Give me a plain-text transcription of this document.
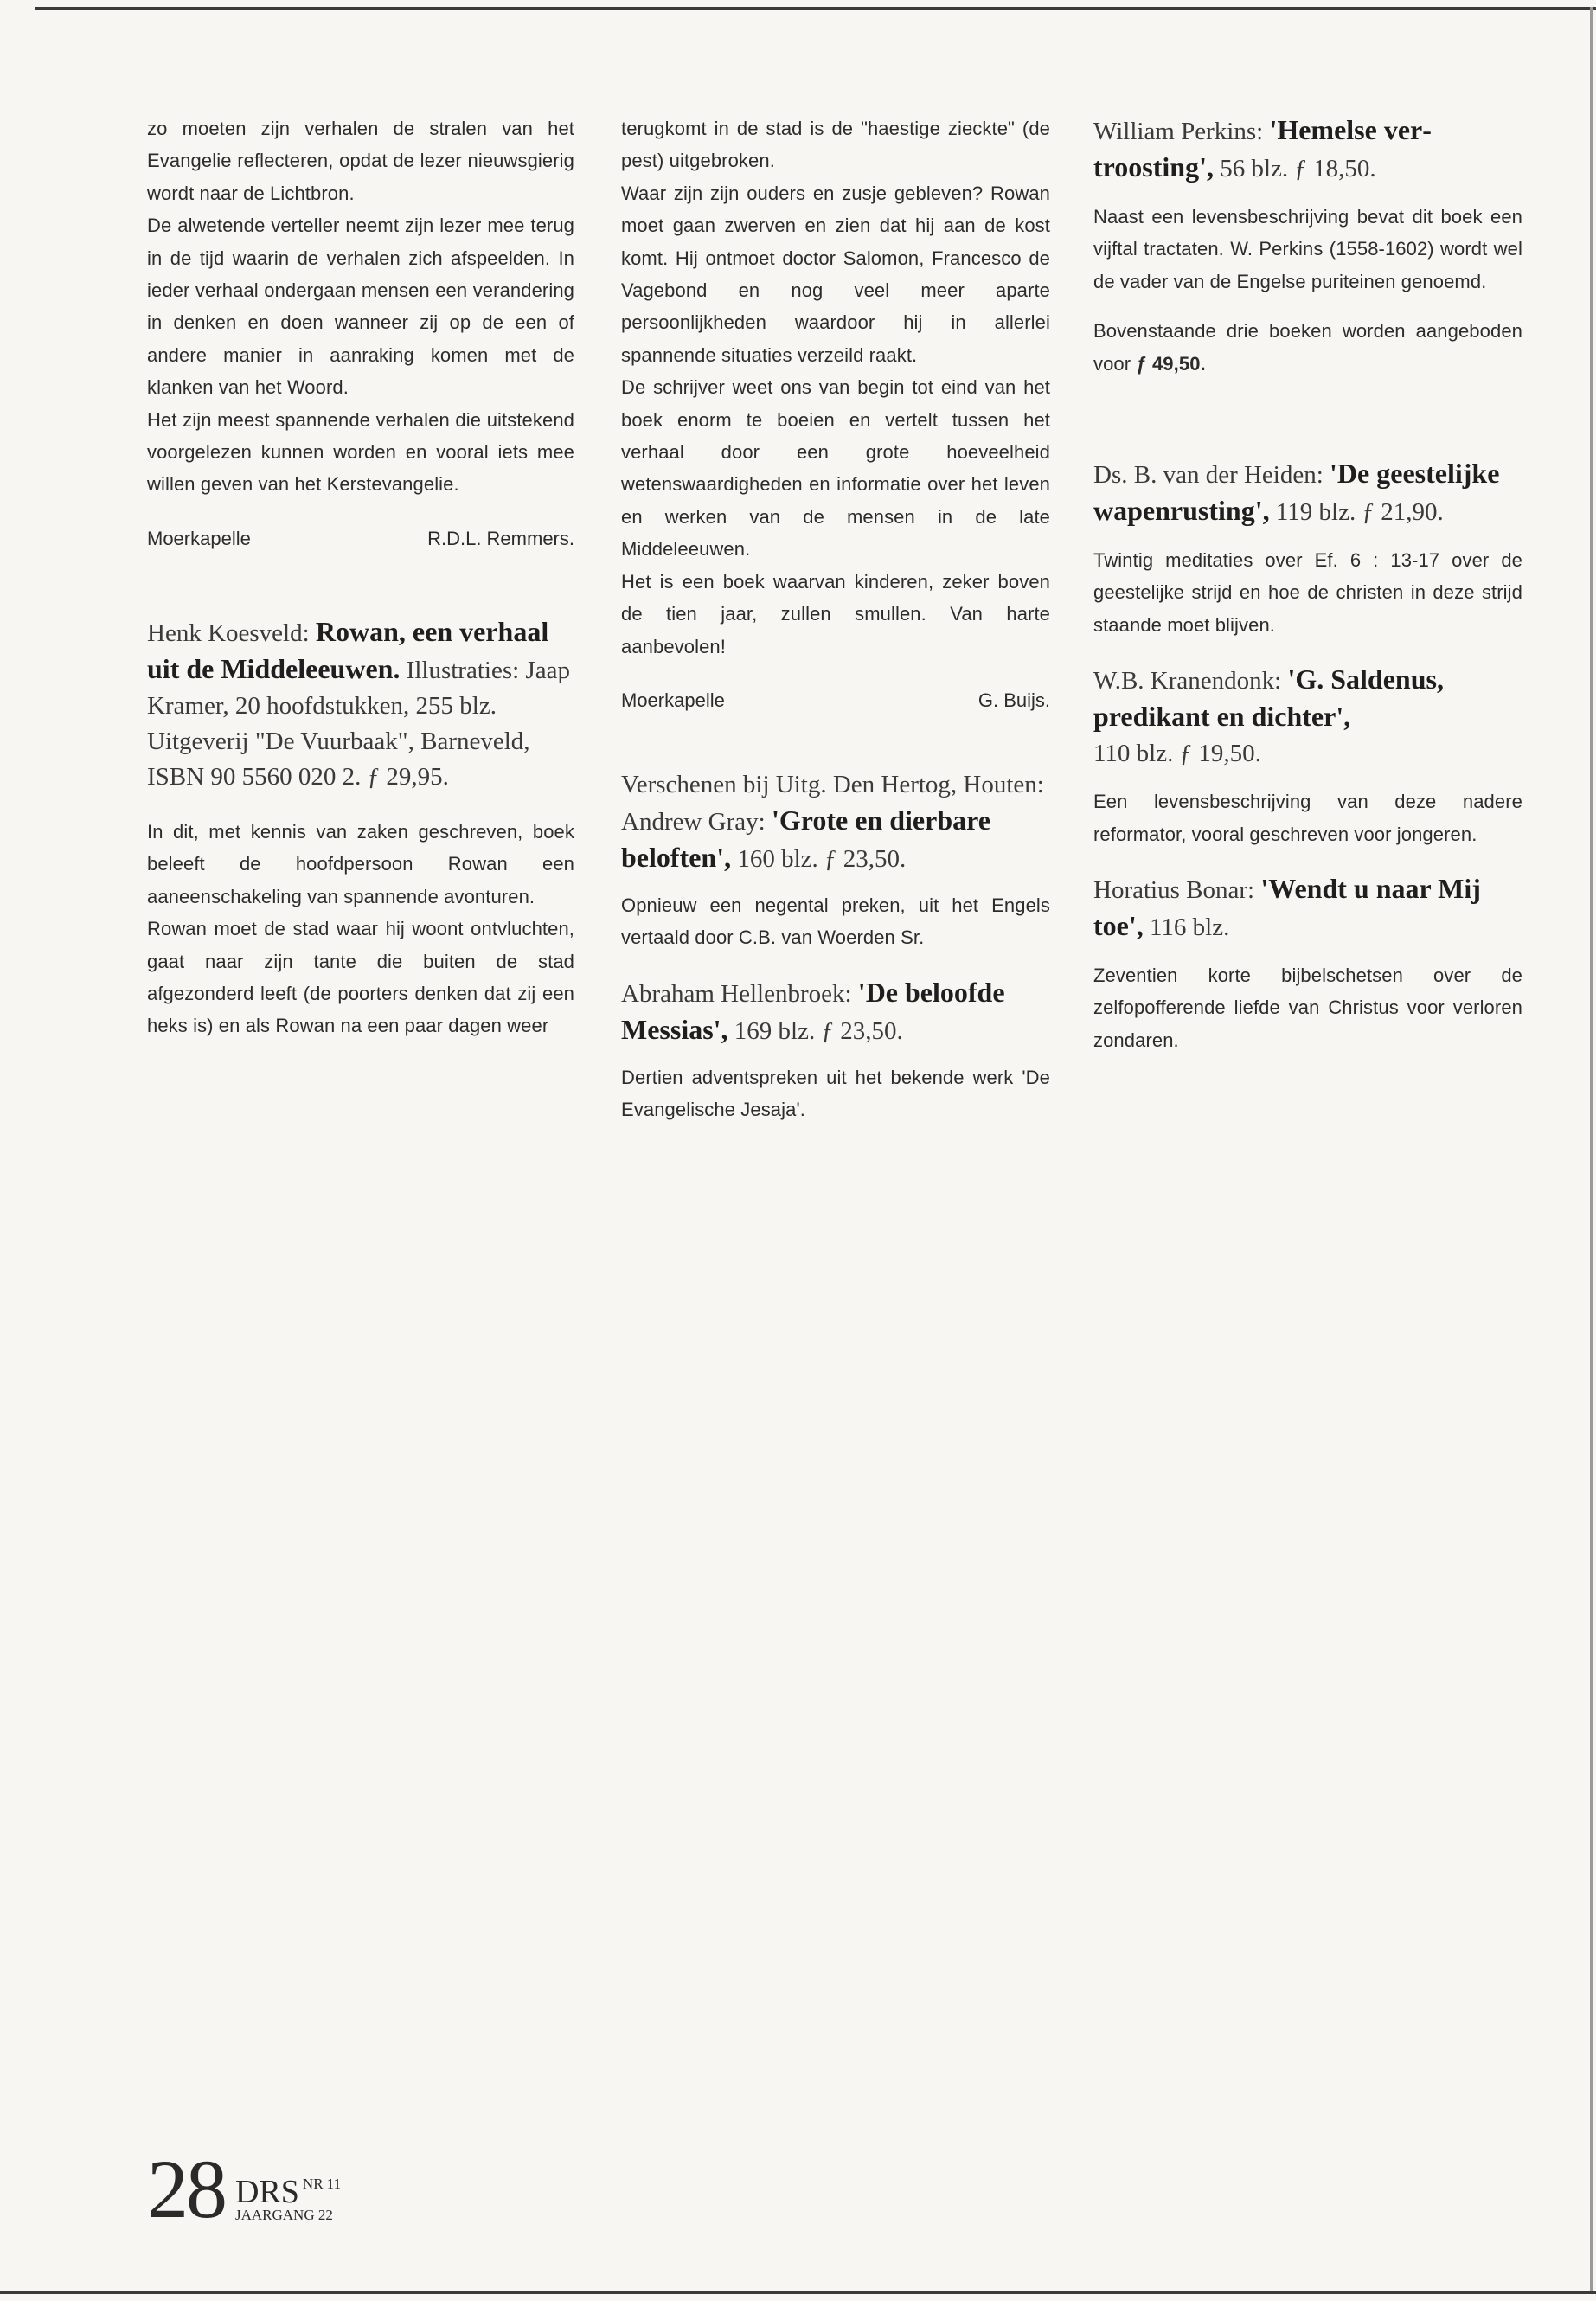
zo moeten zijn verhalen de stralen van het Evangelie reflecteren, opdat de lezer nieuwsgierig wordt naar de Lichtbron.

De alwetende verteller neemt zijn lezer mee terug in de tijd waarin de verhalen zich afspeelden. In ieder verhaal ondergaan mensen een verandering in denken en doen wanneer zij op de een of andere manier in aanraking komen met de klanken van het Woord.

Het zijn meest spannende verhalen die uitstekend voorgelezen kunnen worden en vooral iets mee willen geven van het Kerstevangelie.

Moerkapelle	R.D.L. Remmers.

Henk Koesveld: Rowan, een verhaal uit de Middeleeuwen. Illustraties: Jaap Kramer, 20 hoofdstukken, 255 blz. Uitgeverij "De Vuurbaak", Barneveld, ISBN 90 5560 020 2. ƒ 29,95.

In dit, met kennis van zaken geschreven, boek beleeft de hoofdpersoon Rowan een aaneenschakeling van spannende avonturen.

Rowan moet de stad waar hij woont ontvluchten, gaat naar zijn tante die buiten de stad afgezonderd leeft (de poorters denken dat zij een heks is) en als Rowan na een paar dagen weer

terugkomt in de stad is de "haestige zieckte" (de pest) uitgebroken.

Waar zijn zijn ouders en zusje gebleven? Rowan moet gaan zwerven en zien dat hij aan de kost komt. Hij ontmoet doctor Salomon, Francesco de Vagebond en nog veel meer aparte persoonlijkheden waardoor hij in allerlei spannende situaties verzeild raakt.

De schrijver weet ons van begin tot eind van het boek enorm te boeien en vertelt tussen het verhaal door een grote hoeveelheid wetenswaardigheden en informatie over het leven en werken van de mensen in de late Middeleeuwen.

Het is een boek waarvan kinderen, zeker boven de tien jaar, zullen smullen. Van harte aanbevolen!

Moerkapelle	G. Buijs.

Verschenen bij Uitg. Den Hertog, Houten:

Andrew Gray: 'Grote en dierbare beloften', 160 blz. ƒ 23,50.

Opnieuw een negental preken, uit het Engels vertaald door C.B. van Woerden Sr.

Abraham Hellenbroek: 'De beloofde Messias', 169 blz. ƒ 23,50.

Dertien adventspreken uit het bekende werk 'De Evangelische Jesaja'.

William Perkins: 'Hemelse vertroosting', 56 blz. ƒ 18,50.

Naast een levensbeschrijving bevat dit boek een vijftal tractaten. W. Perkins (1558-1602) wordt wel de vader van de Engelse puriteinen genoemd.

Bovenstaande drie boeken worden aangeboden voor ƒ 49,50.

Ds. B. van der Heiden: 'De geestelijke wapenrusting', 119 blz. ƒ 21,90.

Twintig meditaties over Ef. 6 : 13-17 over de geestelijke strijd en hoe de christen in deze strijd staande moet blijven.

W.B. Kranendonk: 'G. Saldenus, predikant en dichter', 110 blz. ƒ 19,50.

Een levensbeschrijving van deze nadere reformator, vooral geschreven voor jongeren.

Horatius Bonar: 'Wendt u naar Mij toe', 116 blz.

Zeventien korte bijbelschetsen over de zelfopofferende liefde van Christus voor verloren zondaren.

28 DRS $^{NR 11}$
JAARGANG 22
